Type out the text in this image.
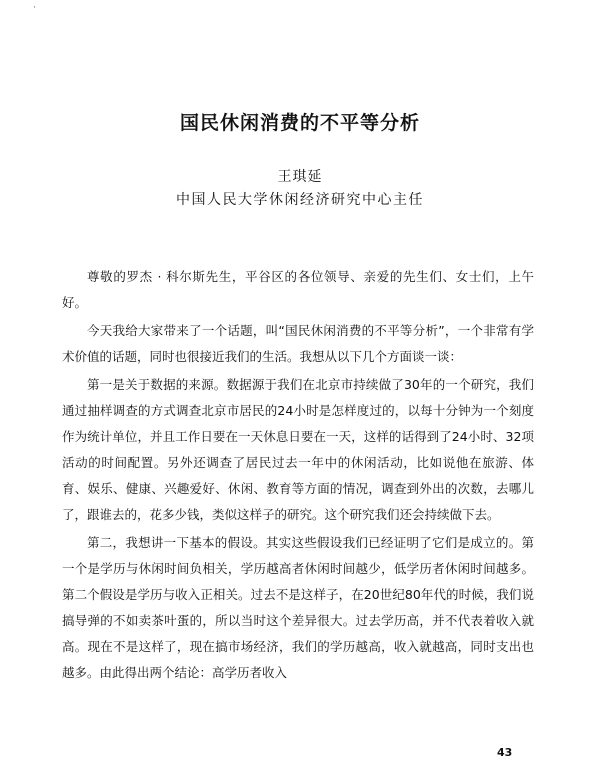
·
国民休闲消费的不平等分析
王琪延
中国人民大学休闲经济研究中心主任

尊敬的罗杰 · 科尔斯先生，平谷区的各位领导、亲爱的先生们、女士们，上午好。

今天我给大家带来了一个话题，叫“国民休闲消费的不平等分析”，一个非常有学术价值的话题，同时也很接近我们的生活。我想从以下几个方面谈一谈：

第一是关于数据的来源。数据源于我们在北京市持续做了30年的一个研究，我们通过抽样调查的方式调查北京市居民的24小时是怎样度过的，以每十分钟为一个刻度作为统计单位，并且工作日要在一天休息日要在一天，这样的话得到了24小时、32项活动的时间配置。另外还调查了居民过去一年中的休闲活动，比如说他在旅游、体育、娱乐、健康、兴趣爱好、休闲、教育等方面的情况，调查到外出的次数，去哪儿了，跟谁去的，花多少钱，类似这样子的研究。这个研究我们还会持续做下去。

第二，我想讲一下基本的假设。其实这些假设我们已经证明了它们是成立的。第一个是学历与休闲时间负相关，学历越高者休闲时间越少，低学历者休闲时间越多。第二个假设是学历与收入正相关。过去不是这样子，在20世纪80年代的时候，我们说搞导弹的不如卖茶叶蛋的，所以当时这个差异很大。过去学历高，并不代表着收入就高。现在不是这样了，现在搞市场经济，我们的学历越高，收入就越高，同时支出也越多。由此得出两个结论：高学历者收入

43
